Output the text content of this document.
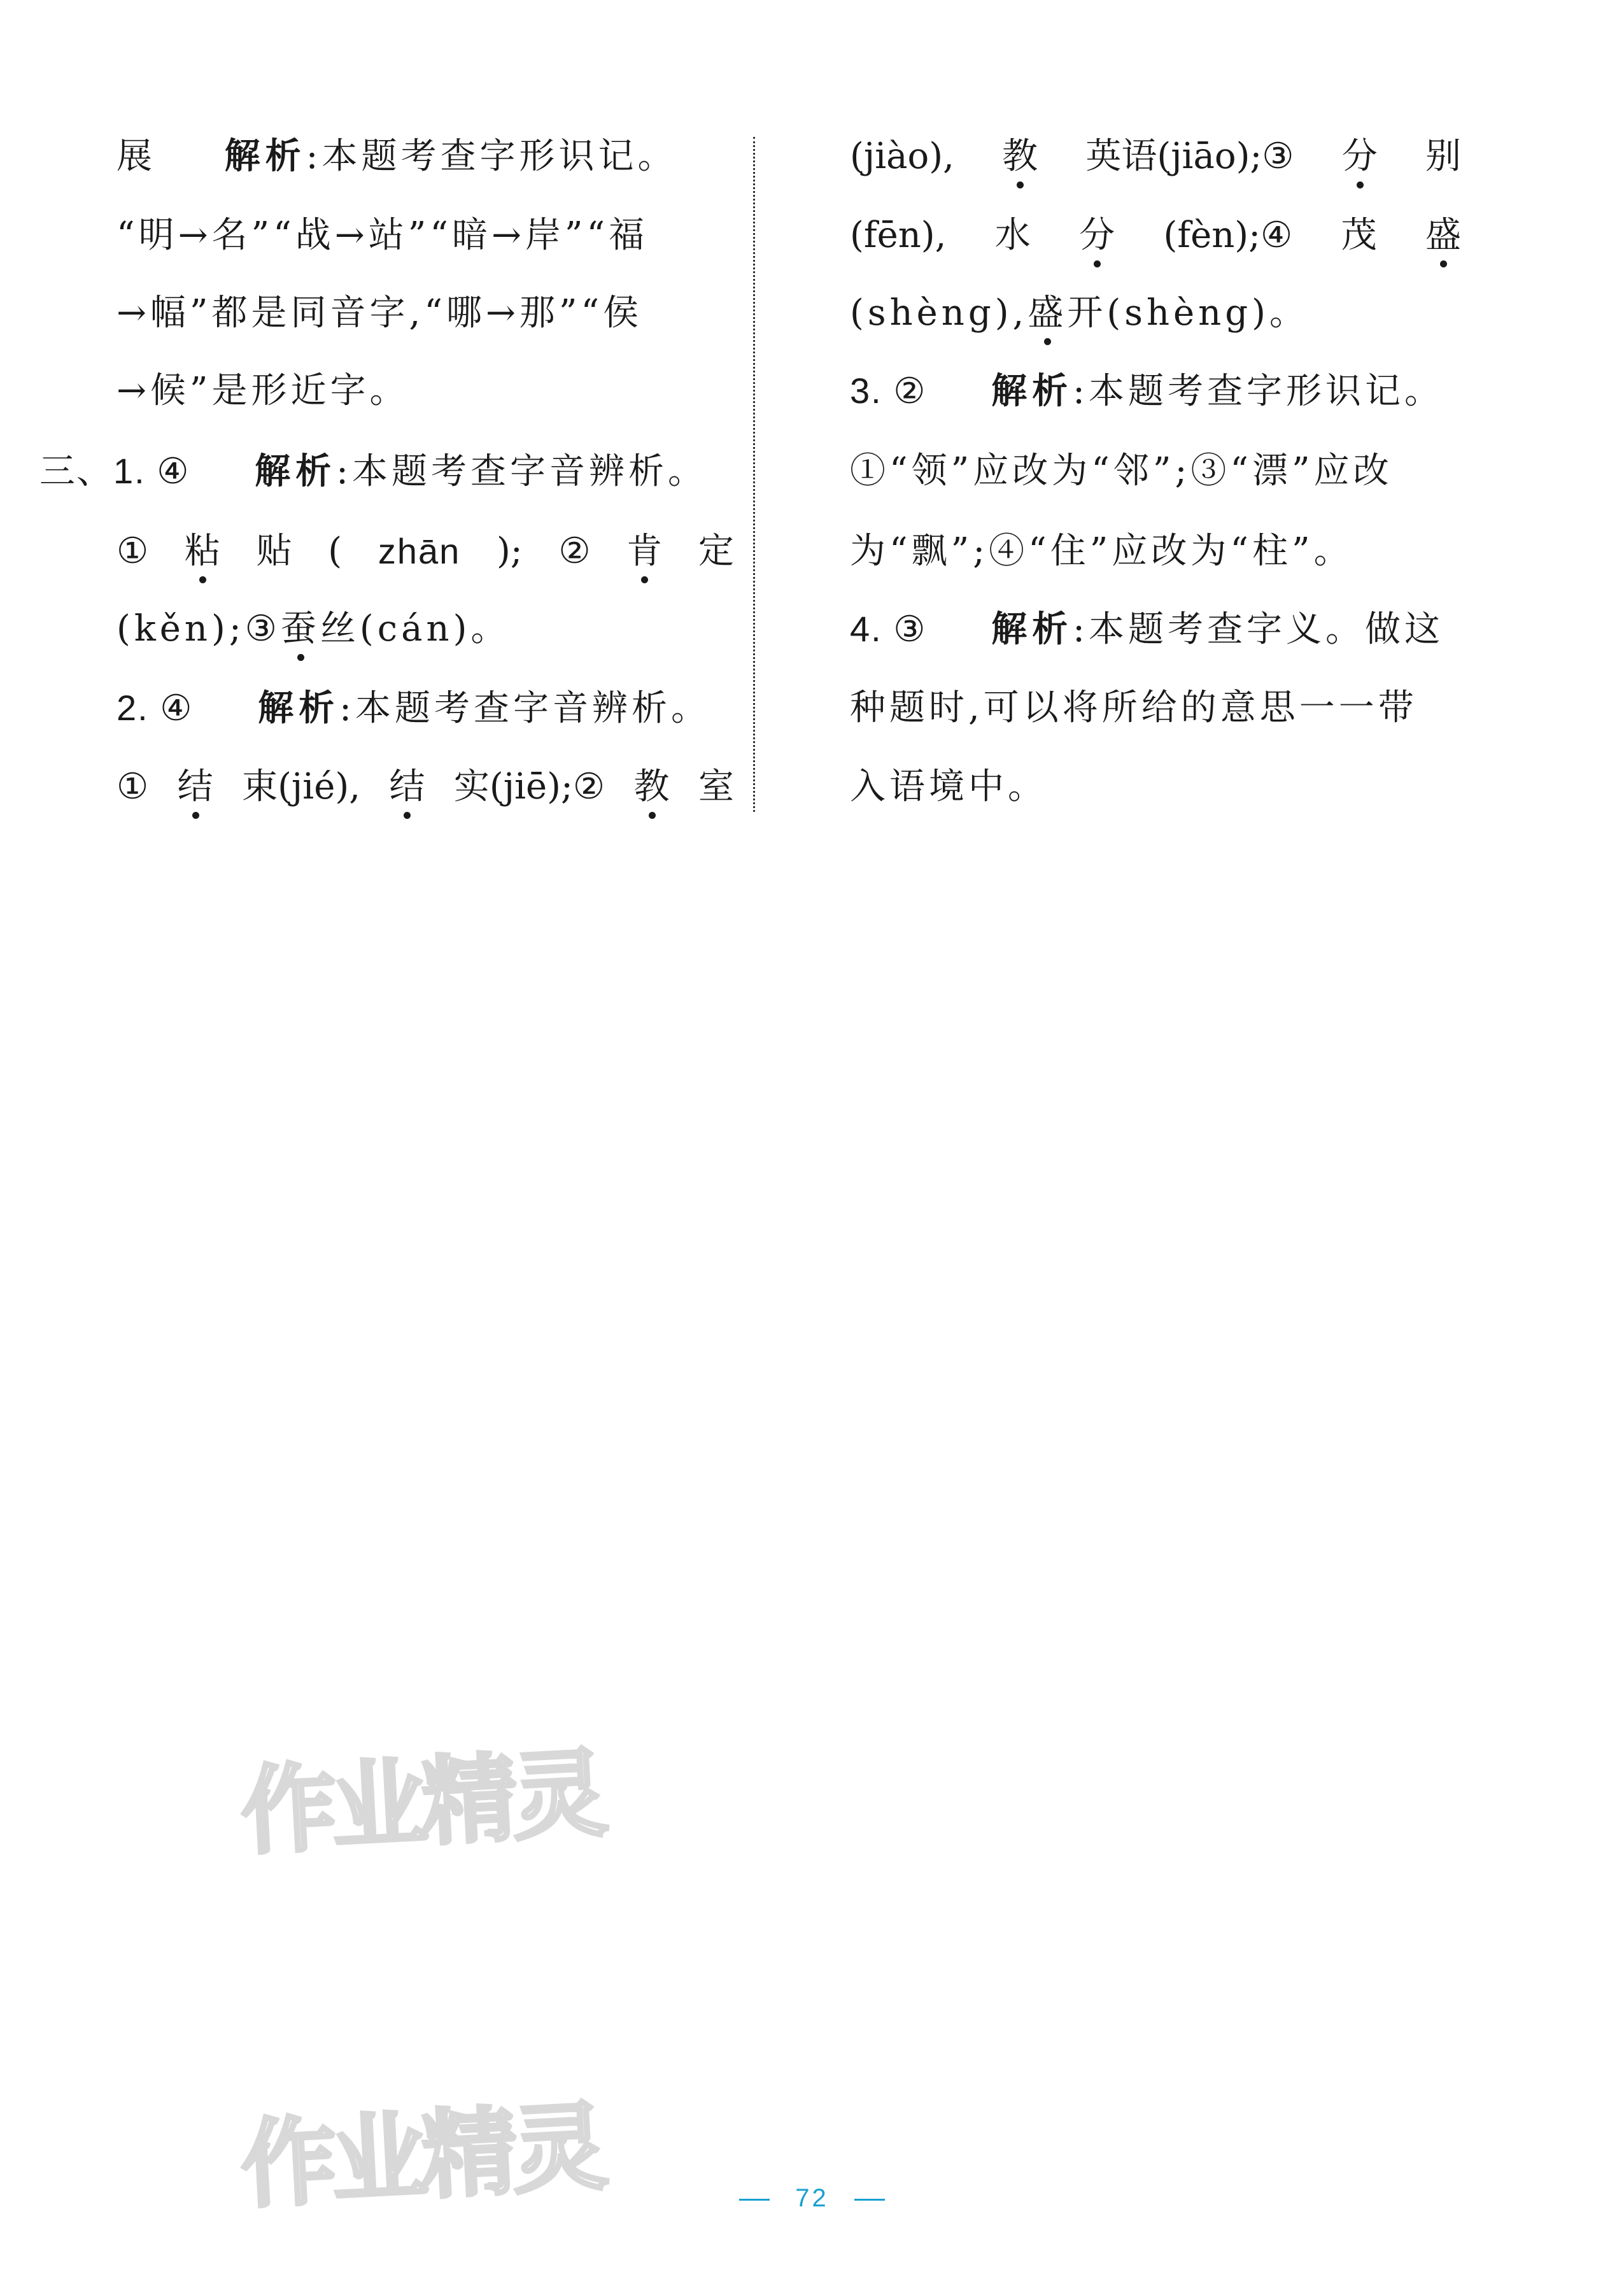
展 解析:本题考查字形识记。
“明→名”“战→站”“暗→岸”“福
→幅”都是同音字,“哪→那”“侯
→候”是形近字。
三、1. ④ 解析:本题考查字音辨析。
① 粘 贴 ( zhān ); ② 肯 定
(kěn);③蚕丝(cán)。
2. ④ 解析:本题考查字音辨析。
① 结 束(jié), 结 实(jiē);② 教 室
(jiào), 教 英语(jiāo);③ 分 别
(fēn), 水 分 (fèn);④ 茂 盛
(shèng),盛开(shèng)。
3. ② 解析:本题考查字形识记。
①“领”应改为“邻”;③“漂”应改
为“飘”;④“住”应改为“柱”。
4. ③ 解析:本题考查字义。做这
种题时,可以将所给的意思一一带
入语境中。
作业精灵
作业精灵	72
